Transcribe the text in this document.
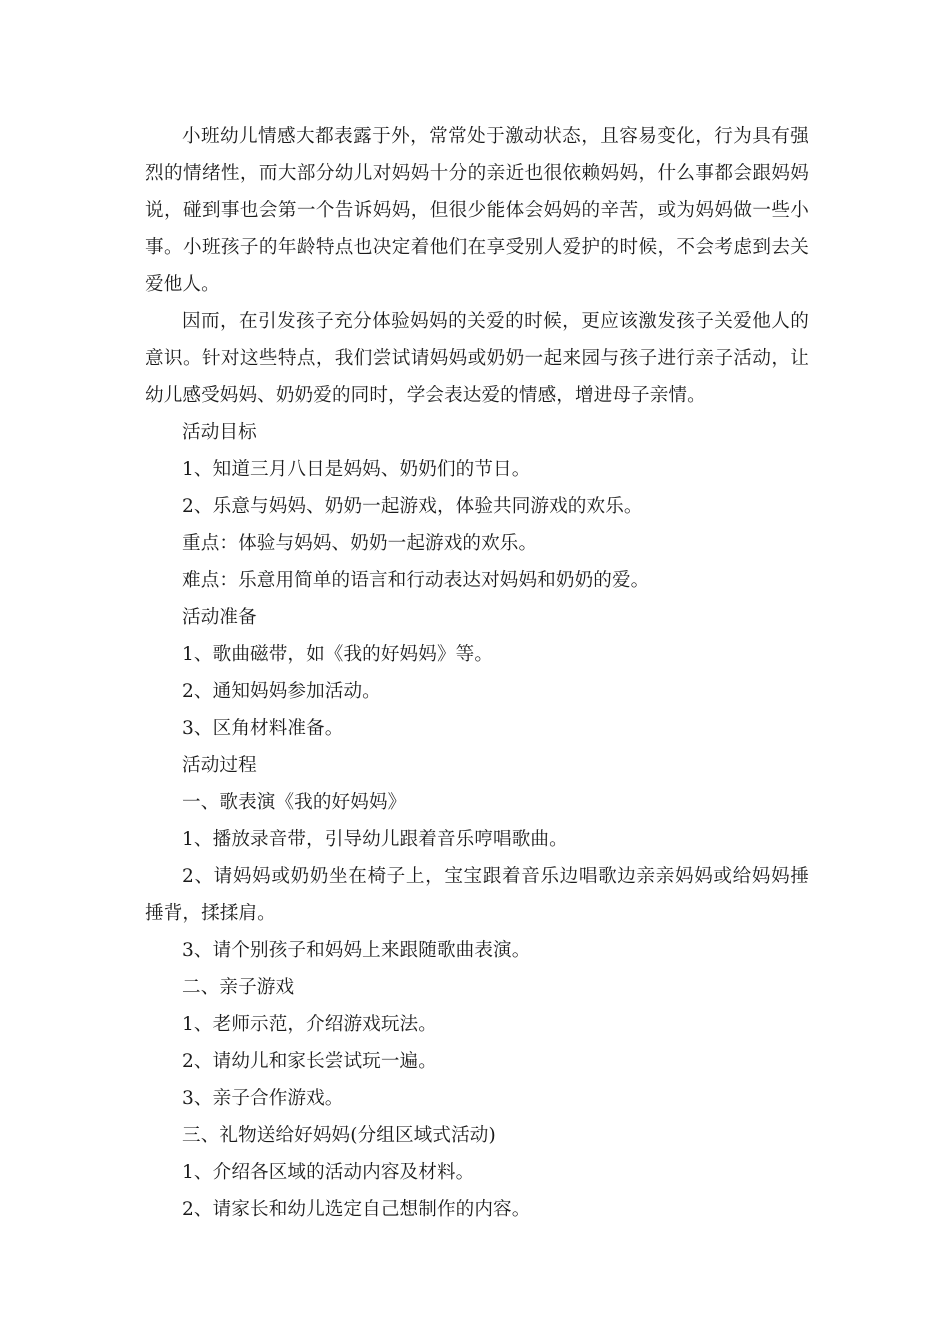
小班幼儿情感大都表露于外，常常处于激动状态，且容易变化，行为具有强烈的情绪性，而大部分幼儿对妈妈十分的亲近也很依赖妈妈，什么事都会跟妈妈说，碰到事也会第一个告诉妈妈，但很少能体会妈妈的辛苦，或为妈妈做一些小事。小班孩子的年龄特点也决定着他们在享受别人爱护的时候，不会考虑到去关爱他人。

因而，在引发孩子充分体验妈妈的关爱的时候，更应该激发孩子关爱他人的意识。针对这些特点，我们尝试请妈妈或奶奶一起来园与孩子进行亲子活动，让幼儿感受妈妈、奶奶爱的同时，学会表达爱的情感，增进母子亲情。

活动目标

1、知道三月八日是妈妈、奶奶们的节日。

2、乐意与妈妈、奶奶一起游戏，体验共同游戏的欢乐。

重点：体验与妈妈、奶奶一起游戏的欢乐。

难点：乐意用简单的语言和行动表达对妈妈和奶奶的爱。

活动准备

1、歌曲磁带，如《我的好妈妈》等。

2、通知妈妈参加活动。

3、区角材料准备。

活动过程

一、歌表演《我的好妈妈》

1、播放录音带，引导幼儿跟着音乐哼唱歌曲。

2、请妈妈或奶奶坐在椅子上，宝宝跟着音乐边唱歌边亲亲妈妈或给妈妈捶捶背，揉揉肩。

3、请个别孩子和妈妈上来跟随歌曲表演。

二、亲子游戏

1、老师示范，介绍游戏玩法。

2、请幼儿和家长尝试玩一遍。

3、亲子合作游戏。

三、礼物送给好妈妈(分组区域式活动)

1、介绍各区域的活动内容及材料。

2、请家长和幼儿选定自己想制作的内容。
